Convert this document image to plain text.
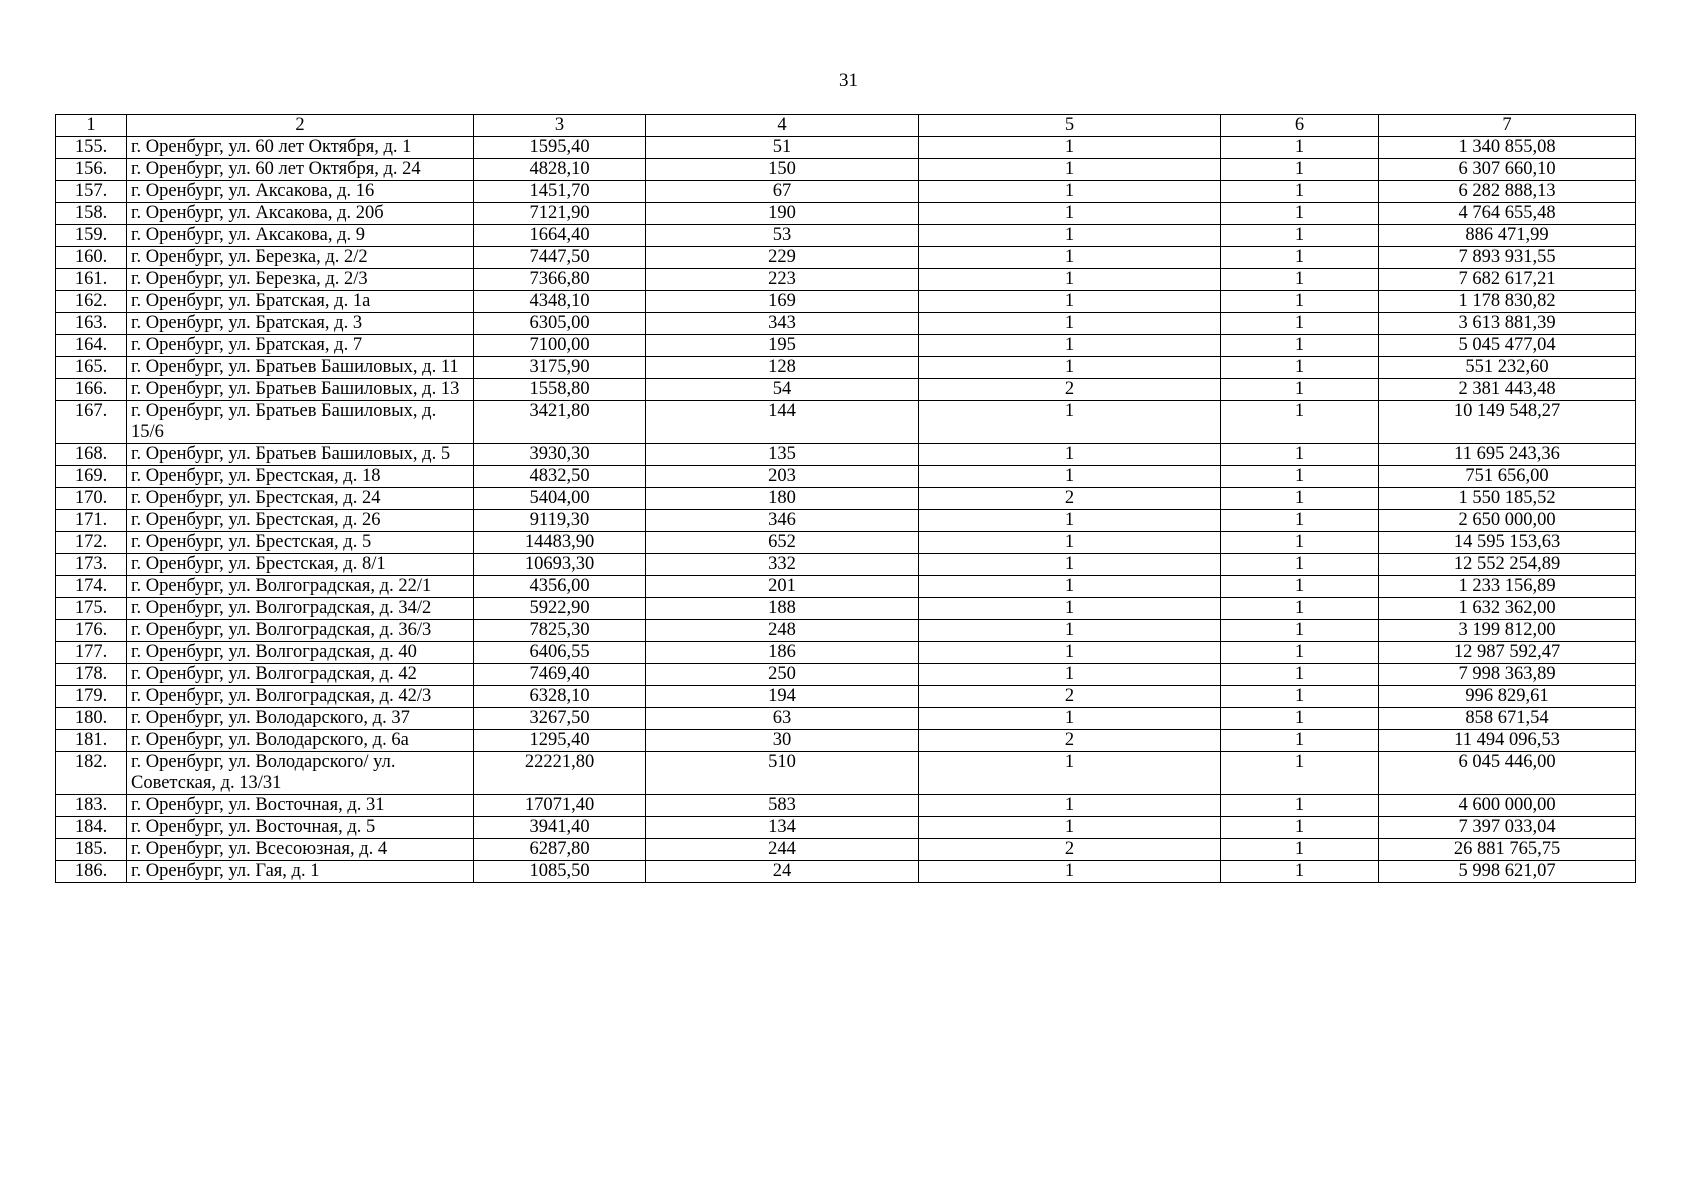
31
1	2	3	4	5	6	7
155.	г. Оренбург, ул. 60 лет Октября, д. 1	1595,40	51	1	1	1 340 855,08
156.	г. Оренбург, ул. 60 лет Октября, д. 24	4828,10	150	1	1	6 307 660,10
157.	г. Оренбург, ул. Аксакова, д. 16	1451,70	67	1	1	6 282 888,13
158.	г. Оренбург, ул. Аксакова, д. 20б	7121,90	190	1	1	4 764 655,48
159.	г. Оренбург, ул. Аксакова, д. 9	1664,40	53	1	1	886 471,99
160.	г. Оренбург, ул. Березка, д. 2/2	7447,50	229	1	1	7 893 931,55
161.	г. Оренбург, ул. Березка, д. 2/3	7366,80	223	1	1	7 682 617,21
162.	г. Оренбург, ул. Братская, д. 1а	4348,10	169	1	1	1 178 830,82
163.	г. Оренбург, ул. Братская, д. 3	6305,00	343	1	1	3 613 881,39
164.	г. Оренбург, ул. Братская, д. 7	7100,00	195	1	1	5 045 477,04
165.	г. Оренбург, ул. Братьев Башиловых, д. 11	3175,90	128	1	1	551 232,60
166.	г. Оренбург, ул. Братьев Башиловых, д. 13	1558,80	54	2	1	2 381 443,48
167.	г. Оренбург, ул. Братьев Башиловых, д. 15/6	3421,80	144	1	1	10 149 548,27
168.	г. Оренбург, ул. Братьев Башиловых, д. 5	3930,30	135	1	1	11 695 243,36
169.	г. Оренбург, ул. Брестская, д. 18	4832,50	203	1	1	751 656,00
170.	г. Оренбург, ул. Брестская, д. 24	5404,00	180	2	1	1 550 185,52
171.	г. Оренбург, ул. Брестская, д. 26	9119,30	346	1	1	2 650 000,00
172.	г. Оренбург, ул. Брестская, д. 5	14483,90	652	1	1	14 595 153,63
173.	г. Оренбург, ул. Брестская, д. 8/1	10693,30	332	1	1	12 552 254,89
174.	г. Оренбург, ул. Волгоградская, д. 22/1	4356,00	201	1	1	1 233 156,89
175.	г. Оренбург, ул. Волгоградская, д. 34/2	5922,90	188	1	1	1 632 362,00
176.	г. Оренбург, ул. Волгоградская, д. 36/3	7825,30	248	1	1	3 199 812,00
177.	г. Оренбург, ул. Волгоградская, д. 40	6406,55	186	1	1	12 987 592,47
178.	г. Оренбург, ул. Волгоградская, д. 42	7469,40	250	1	1	7 998 363,89
179.	г. Оренбург, ул. Волгоградская, д. 42/3	6328,10	194	2	1	996 829,61
180.	г. Оренбург, ул. Володарского, д. 37	3267,50	63	1	1	858 671,54
181.	г. Оренбург, ул. Володарского, д. 6а	1295,40	30	2	1	11 494 096,53
182.	г. Оренбург, ул. Володарского/ ул. Советская, д. 13/31	22221,80	510	1	1	6 045 446,00
183.	г. Оренбург, ул. Восточная, д. 31	17071,40	583	1	1	4 600 000,00
184.	г. Оренбург, ул. Восточная, д. 5	3941,40	134	1	1	7 397 033,04
185.	г. Оренбург, ул. Всесоюзная, д. 4	6287,80	244	2	1	26 881 765,75
186.	г. Оренбург, ул. Гая, д. 1	1085,50	24	1	1	5 998 621,07
